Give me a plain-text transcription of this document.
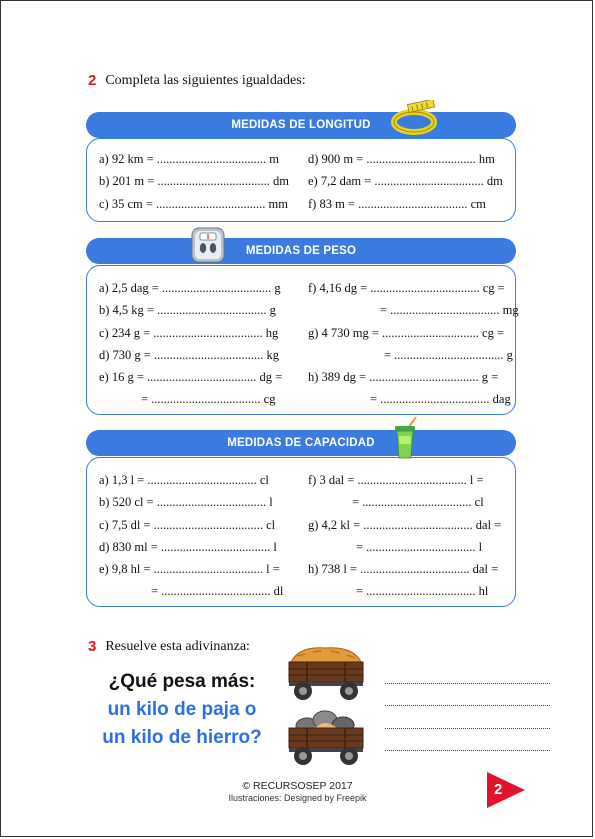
2 Completa las siguientes igualdades:
a) 92 km = ................................... m
b) 201 m = .................................... dm
c) 35 cm = ................................... mm
d) 900 m = ................................... hm
e) 7,2 dam = ................................... dm
f) 83 m = ................................... cm
MEDIDAS DE LONGITUD
a) 2,5 dag = ................................... g
b) 4,5 kg = ................................... g
c) 234 g = ................................... hg
d) 730 g = ................................... kg
e) 16 g = ................................... dg =
= ................................... cg
f) 4,16 dg = ................................... cg =
= ................................... mg
g) 4 730 mg = ............................... cg =
= ................................... g
h) 389 dg = ................................... g =
= ................................... dag
MEDIDAS DE PESO
a) 1,3 l = ................................... cl
b) 520 cl = ................................... l
c) 7,5 dl = ................................... cl
d) 830 ml = ................................... l
e) 9,8 hl = ................................... l =
= ................................... dl
f) 3 dal = ................................... l =
= ................................... cl
g) 4,2 kl = ................................... dal =
= ................................... l
h) 738 l = ................................... dal =
= ................................... hl
MEDIDAS DE CAPACIDAD
3 Resuelve esta adivinanza:
¿Qué pesa más:
un kilo de paja o
un kilo de hierro?
© RECURSOSEP 2017
Ilustraciones: Designed by Freepik	2
